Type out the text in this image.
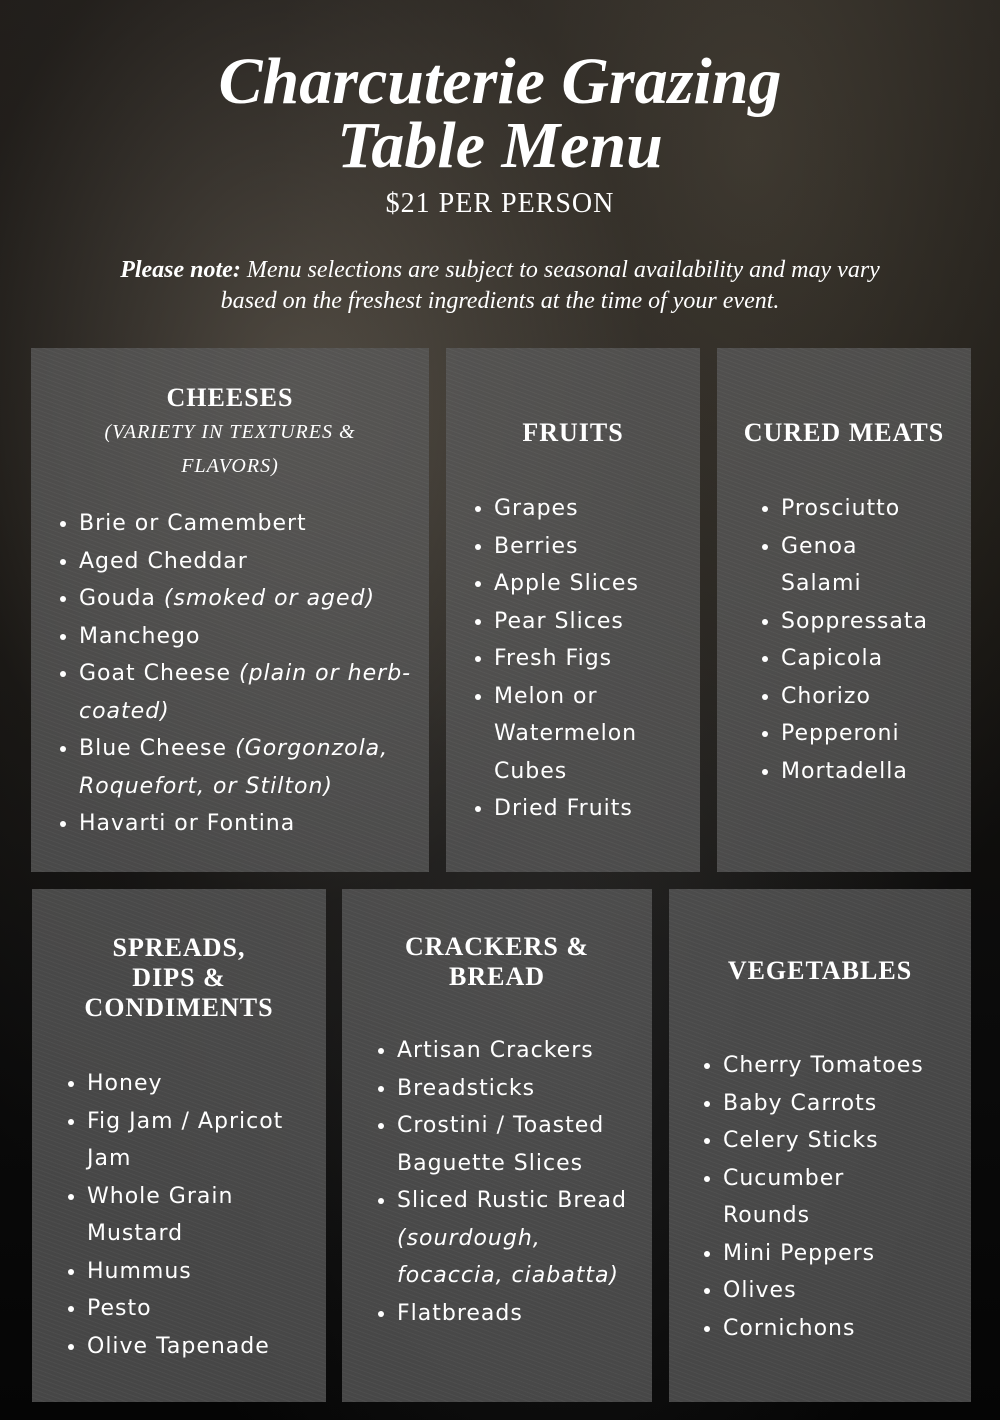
Charcuterie Grazing
Table Menu
$21 PER PERSON
Please note: Menu selections are subject to seasonal availability and may vary based on the freshest ingredients at the time of your event.
CHEESES
(VARIETY IN TEXTURES & FLAVORS)
• Brie or Camembert
• Aged Cheddar
• Gouda (smoked or aged)
• Manchego
• Goat Cheese (plain or herb-coated)
• Blue Cheese (Gorgonzola, Roquefort, or Stilton)
• Havarti or Fontina
FRUITS
• Grapes
• Berries
• Apple Slices
• Pear Slices
• Fresh Figs
• Melon or Watermelon Cubes
• Dried Fruits
CURED MEATS
• Prosciutto
• Genoa Salami
• Soppressata
• Capicola
• Chorizo
• Pepperoni
• Mortadella
SPREADS,
DIPS &
CONDIMENTS
• Honey
• Fig Jam / Apricot Jam
• Whole Grain Mustard
• Hummus
• Pesto
• Olive Tapenade
CRACKERS &
BREAD
• Artisan Crackers
• Breadsticks
• Crostini / Toasted Baguette Slices
• Sliced Rustic Bread (sourdough, focaccia, ciabatta)
• Flatbreads
VEGETABLES
• Cherry Tomatoes
• Baby Carrots
• Celery Sticks
• Cucumber Rounds
• Mini Peppers
• Olives
• Cornichons
